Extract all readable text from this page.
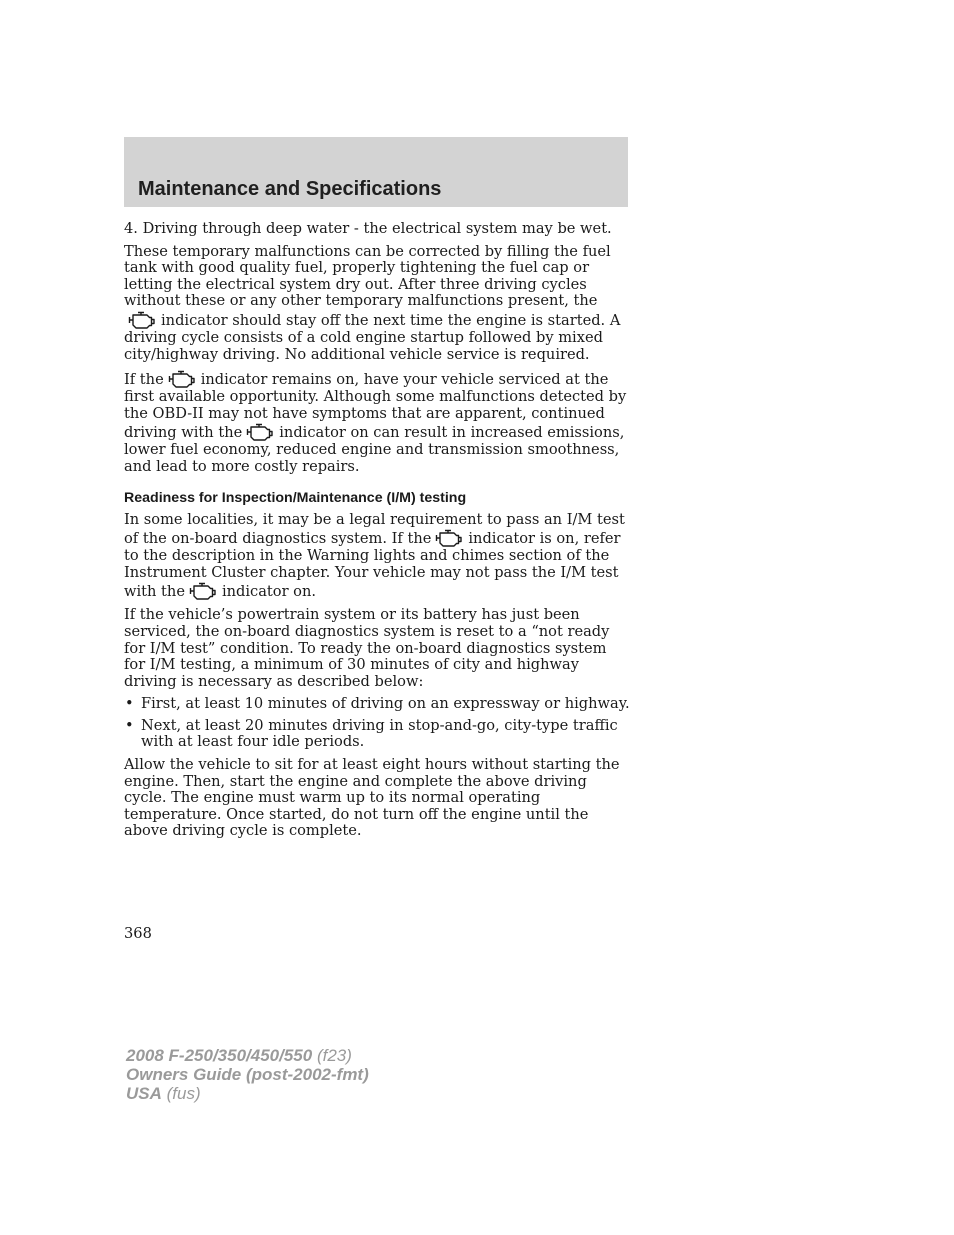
Maintenance and Specifications

4. Driving through deep water - the electrical system may be wet.

These temporary malfunctions can be corrected by filling the fuel tank with good quality fuel, properly tightening the fuel cap or letting the electrical system dry out. After three driving cycles without these or any other temporary malfunctions present, the
indicator should stay off the next time the engine is started. A driving cycle consists of a cold engine startup followed by mixed city/highway driving. No additional vehicle service is required.

If the	indicator remains on, have your vehicle serviced at the first available opportunity. Although some malfunctions detected by the OBD-II may not have symptoms that are apparent, continued driving with the	indicator on can result in increased emissions, lower fuel economy, reduced engine and transmission smoothness, and lead to more costly repairs.

Readiness for Inspection/Maintenance (I/M) testing

In some localities, it may be a legal requirement to pass an I/M test of the on-board diagnostics system. If the	indicator is on, refer to the description in the Warning lights and chimes section of the Instrument Cluster chapter. Your vehicle may not pass the I/M test with the	indicator on.

If the vehicle’s powertrain system or its battery has just been serviced, the on-board diagnostics system is reset to a “not ready for I/M test” condition. To ready the on-board diagnostics system for I/M testing, a minimum of 30 minutes of city and highway driving is necessary as described below:

• First, at least 10 minutes of driving on an expressway or highway.
• Next, at least 20 minutes driving in stop-and-go, city-type traffic with at least four idle periods.

Allow the vehicle to sit for at least eight hours without starting the engine. Then, start the engine and complete the above driving cycle. The engine must warm up to its normal operating temperature. Once started, do not turn off the engine until the above driving cycle is complete.

368
2008 F-250/350/450/550 (f23)
Owners Guide (post-2002-fmt)
USA (fus)
